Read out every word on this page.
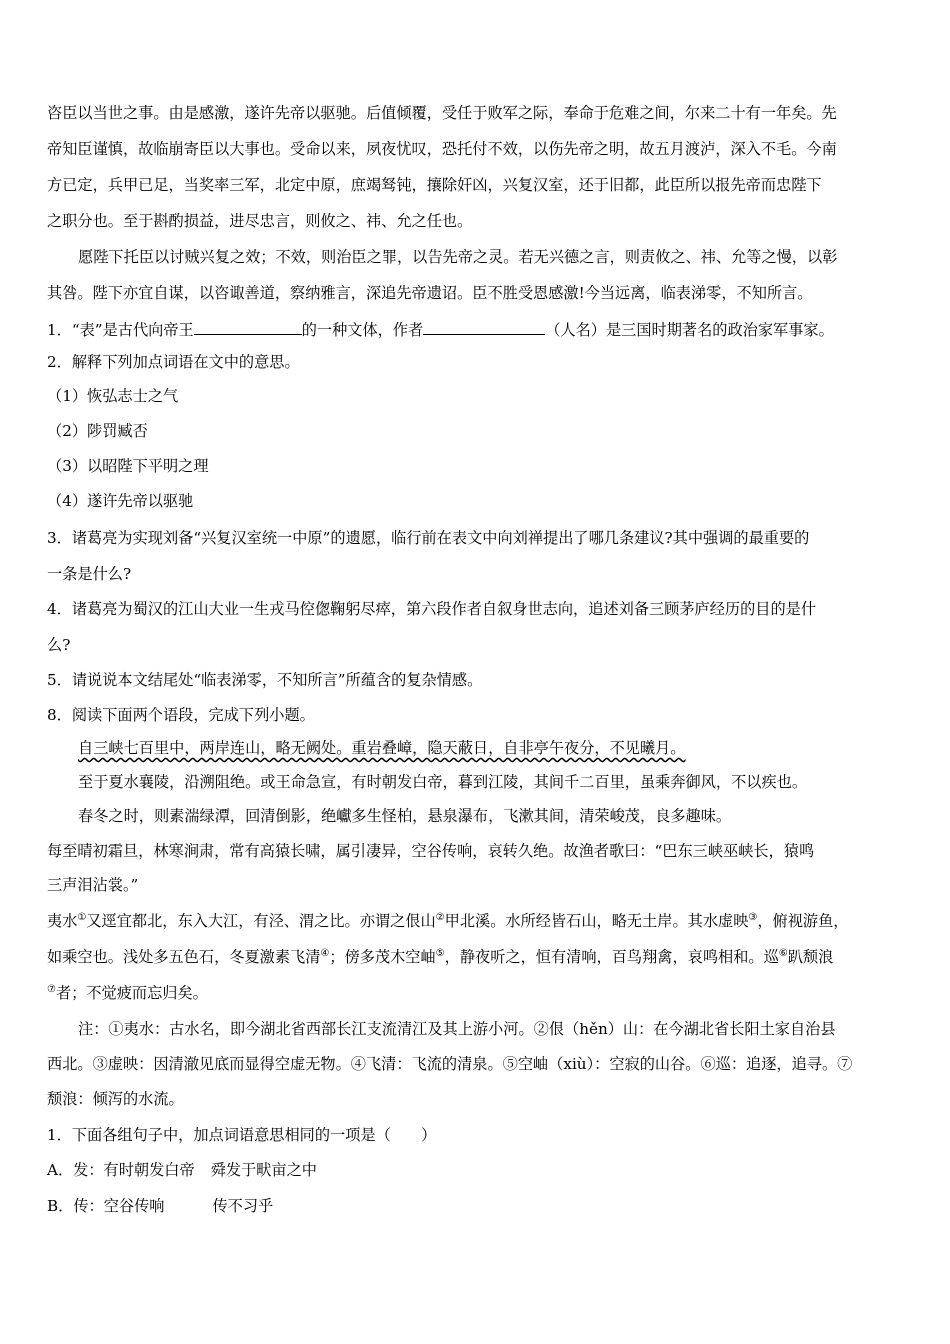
咨臣以当世之事。由是感激，遂许先帝以驱驰。后值倾覆，受任于败军之际，奉命于危难之间，尔来二十有一年矣。先

帝知臣谨慎，故临崩寄臣以大事也。受命以来，夙夜忧叹，恐托付不效，以伤先帝之明，故五月渡泸，深入不毛。今南

方已定，兵甲已足，当奖率三军，北定中原，庶竭驽钝，攘除奸凶，兴复汉室，还于旧都，此臣所以报先帝而忠陛下

之职分也。至于斟酌损益，进尽忠言，则攸之、祎、允之任也。

愿陛下托臣以讨贼兴复之效；不效，则治臣之罪，以告先帝之灵。若无兴德之言，则责攸之、祎、允等之慢，以彰

其咎。陛下亦宜自谋，以咨诹善道，察纳雅言，深追先帝遗诏。臣不胜受恩感激!今当远离，临表涕零，不知所言。

1．“表”是古代向帝王	的一种文体，作者	（人名）是三国时期著名的政治家军事家。

2．解释下列加点词语在文中的意思。

（1）恢弘志士之气

（2）陟罚臧否

（3）以昭陛下平明之理

（4）遂许先帝以驱驰

3．诸葛亮为实现刘备“兴复汉室统一中原”的遗愿，临行前在表文中向刘禅提出了哪几条建议?其中强调的最重要的

一条是什么?

4．诸葛亮为蜀汉的江山大业一生戎马倥偬鞠躬尽瘁，第六段作者自叙身世志向，追述刘备三顾茅庐经历的目的是什

么?

5．请说说本文结尾处“临表涕零，不知所言”所蕴含的复杂情感。

8．阅读下面两个语段，完成下列小题。

自三峡七百里中，两岸连山，略无阙处。重岩叠嶂，隐天蔽日，自非亭午夜分，不见曦月。

至于夏水襄陵，沿溯阻绝。或王命急宣，有时朝发白帝，暮到江陵，其间千二百里，虽乘奔御风，不以疾也。

春冬之时，则素湍绿潭，回清倒影，绝巘多生怪柏，悬泉瀑布，飞漱其间，清荣峻茂，良多趣味。

每至晴初霜旦，林寒涧肃，常有高猿长啸，属引凄异，空谷传响，哀转久绝。故渔者歌曰：“巴东三峡巫峡长，猿鸣

三声泪沾裳。”

夷水①又逕宜都北，东入大江，有泾、渭之比。亦谓之佷山②甲北溪。水所经皆石山，略无土岸。其水虚映③，俯视游鱼，

如乘空也。浅处多五色石，冬夏激素飞清④；傍多茂木空岫⑤，静夜听之，恒有清响，百鸟翔禽，哀鸣相和。巡⑥趴颓浪

⑦者；不觉疲而忘归矣。

注：①夷水：古水名，即今湖北省西部长江支流清江及其上游小河。②佷（hěn）山：在今湖北省长阳土家自治县

西北。③虚映：因清澈见底而显得空虚无物。④飞清：飞流的清泉。⑤空岫（xiù）：空寂的山谷。⑥巡：追逐，追寻。⑦

颓浪：倾泻的水流。

1．下面各组句子中，加点词语意思相同的一项是（　　）

A．发：有时朝发白帝 舜发于畎亩之中

B．传：空谷传响	传不习乎
